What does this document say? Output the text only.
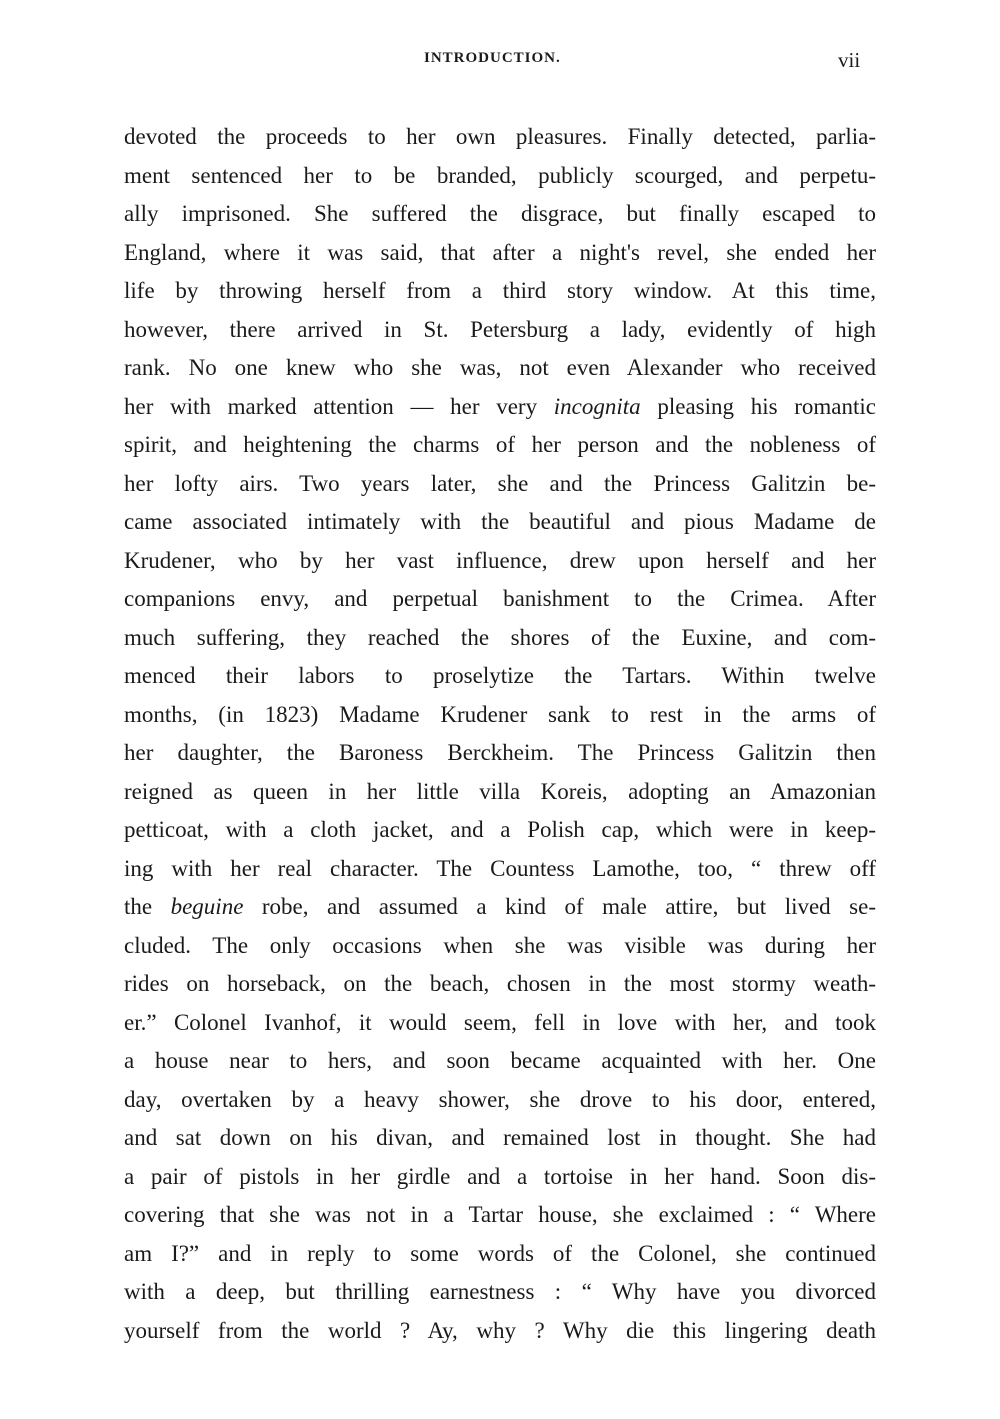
INTRODUCTION.	vii
devoted the proceeds to her own pleasures. Finally detected, parlia-
ment sentenced her to be branded, publicly scourged, and perpetu-
ally imprisoned. She suffered the disgrace, but finally escaped to
England, where it was said, that after a night's revel, she ended her
life by throwing herself from a third story window. At this time,
however, there arrived in St. Petersburg a lady, evidently of high
rank. No one knew who she was, not even Alexander who received
her with marked attention — her very incognita pleasing his romantic
spirit, and heightening the charms of her person and the nobleness of
her lofty airs. Two years later, she and the Princess Galitzin be-
came associated intimately with the beautiful and pious Madame de
Krudener, who by her vast influence, drew upon herself and her
companions envy, and perpetual banishment to the Crimea. After
much suffering, they reached the shores of the Euxine, and com-
menced their labors to proselytize the Tartars. Within twelve
months, (in 1823) Madame Krudener sank to rest in the arms of
her daughter, the Baroness Berckheim. The Princess Galitzin then
reigned as queen in her little villa Koreis, adopting an Amazonian
petticoat, with a cloth jacket, and a Polish cap, which were in keep-
ing with her real character. The Countess Lamothe, too, “ threw off
the beguine robe, and assumed a kind of male attire, but lived se-
cluded. The only occasions when she was visible was during her
rides on horseback, on the beach, chosen in the most stormy weath-
er.” Colonel Ivanhof, it would seem, fell in love with her, and took
a house near to hers, and soon became acquainted with her. One
day, overtaken by a heavy shower, she drove to his door, entered,
and sat down on his divan, and remained lost in thought. She had
a pair of pistols in her girdle and a tortoise in her hand. Soon dis-
covering that she was not in a Tartar house, she exclaimed : “ Where
am I?” and in reply to some words of the Colonel, she continued
with a deep, but thrilling earnestness : “ Why have you divorced
yourself from the world ? Ay, why ? Why die this lingering death
